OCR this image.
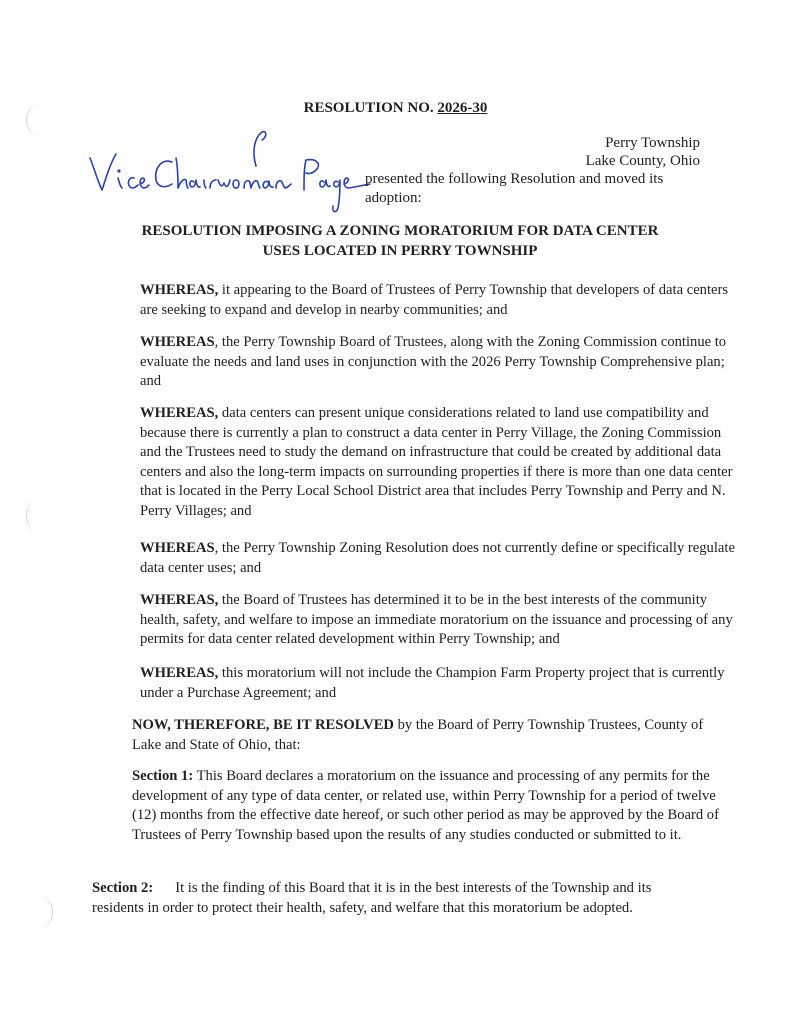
RESOLUTION NO. 2026-30
Perry Township
Lake County, Ohio
presented the following Resolution and moved its adoption:
RESOLUTION IMPOSING A ZONING MORATORIUM FOR DATA CENTER
USES LOCATED IN PERRY TOWNSHIP
WHEREAS, it appearing to the Board of Trustees of Perry Township that developers of data centers are seeking to expand and develop in nearby communities; and
WHEREAS, the Perry Township Board of Trustees, along with the Zoning Commission continue to evaluate the needs and land uses in conjunction with the 2026 Perry Township Comprehensive plan; and
WHEREAS, data centers can present unique considerations related to land use compatibility and because there is currently a plan to construct a data center in Perry Village, the Zoning Commission and the Trustees need to study the demand on infrastructure that could be created by additional data centers and also the long-term impacts on surrounding properties if there is more than one data center that is located in the Perry Local School District area that includes Perry Township and Perry and N. Perry Villages; and
WHEREAS, the Perry Township Zoning Resolution does not currently define or specifically regulate data center uses; and
WHEREAS, the Board of Trustees has determined it to be in the best interests of the community health, safety, and welfare to impose an immediate moratorium on the issuance and processing of any permits for data center related development within Perry Township; and
WHEREAS, this moratorium will not include the Champion Farm Property project that is currently under a Purchase Agreement; and
NOW, THEREFORE, BE IT RESOLVED by the Board of Perry Township Trustees, County of Lake and State of Ohio, that:
Section 1: This Board declares a moratorium on the issuance and processing of any permits for the development of any type of data center, or related use, within Perry Township for a period of twelve (12) months from the effective date hereof, or such other period as may be approved by the Board of Trustees of Perry Township based upon the results of any studies conducted or submitted to it.
Section 2: It is the finding of this Board that it is in the best interests of the Township and its residents in order to protect their health, safety, and welfare that this moratorium be adopted.
